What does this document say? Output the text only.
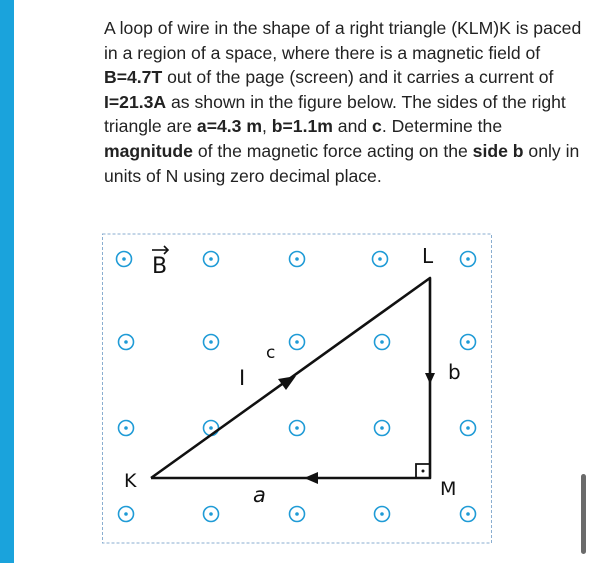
A loop of wire in the shape of a right triangle (KLM)K is paced in a region of a space, where there is a magnetic field of B=4.7T out of the page (screen) and it carries a current of I=21.3A as shown in the figure below. The sides of the right triangle are a=4.3 m, b=1.1m and c. Determine the magnitude of the magnetic force acting on the side b only in units of N using zero decimal place.

B
K
L
M
a
b
c
I
